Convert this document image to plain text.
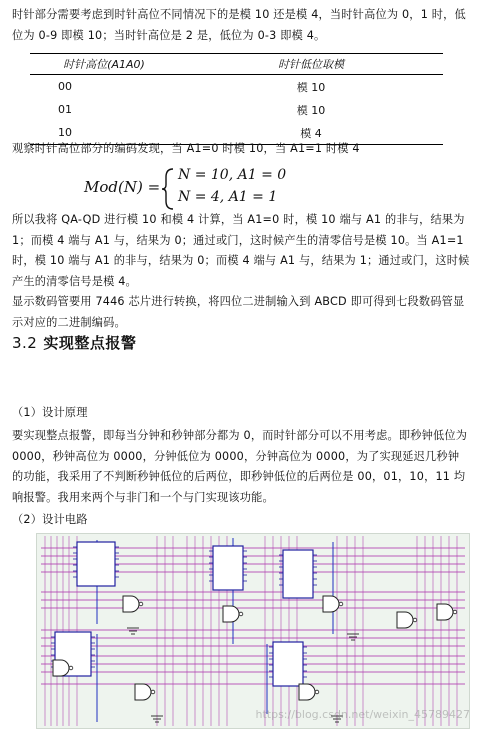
时针部分需要考虑到时针高位不同情况下的是模 10 还是模 4，当时针高位为 0，1 时，低位为 0-9 即模 10；当时针高位是 2 是，低位为 0-3 即模 4。
时针高位(A1A0)	时针低位取模
00	模 10
01	模 10
10	模 4
观察时针高位部分的编码发现，当 A1=0 时模 10，当 A1=1 时模 4
Mod(N) =
N = 10, A1 = 0
N = 4, A1 = 1
所以我将 QA-QD 进行模 10 和模 4 计算，当 A1=0 时，模 10 端与 A1 的非与，结果为 1；而模 4 端与 A1 与，结果为 0；通过或门，这时候产生的清零信号是模 10。当 A1=1 时，模 10 端与 A1 的非与，结果为 0；而模 4 端与 A1 与，结果为 1；通过或门，这时候产生的清零信号是模 4。
显示数码管要用 7446 芯片进行转换，将四位二进制输入到 ABCD 即可得到七段数码管显示对应的二进制编码。
3.2 实现整点报警
（1）设计原理
要实现整点报警，即每当分钟和秒钟部分都为 0，而时针部分可以不用考虑。即秒钟低位为 0000，秒钟高位为 0000，分钟低位为 0000，分钟高位为 0000，为了实现延迟几秒钟的功能，我采用了不判断秒钟低位的后两位，即秒钟低位的后两位是 00，01，10，11 均响报警。我用来两个与非门和一个与门实现该功能。
（2）设计电路
https://blog.csdn.net/weixin_45789427
